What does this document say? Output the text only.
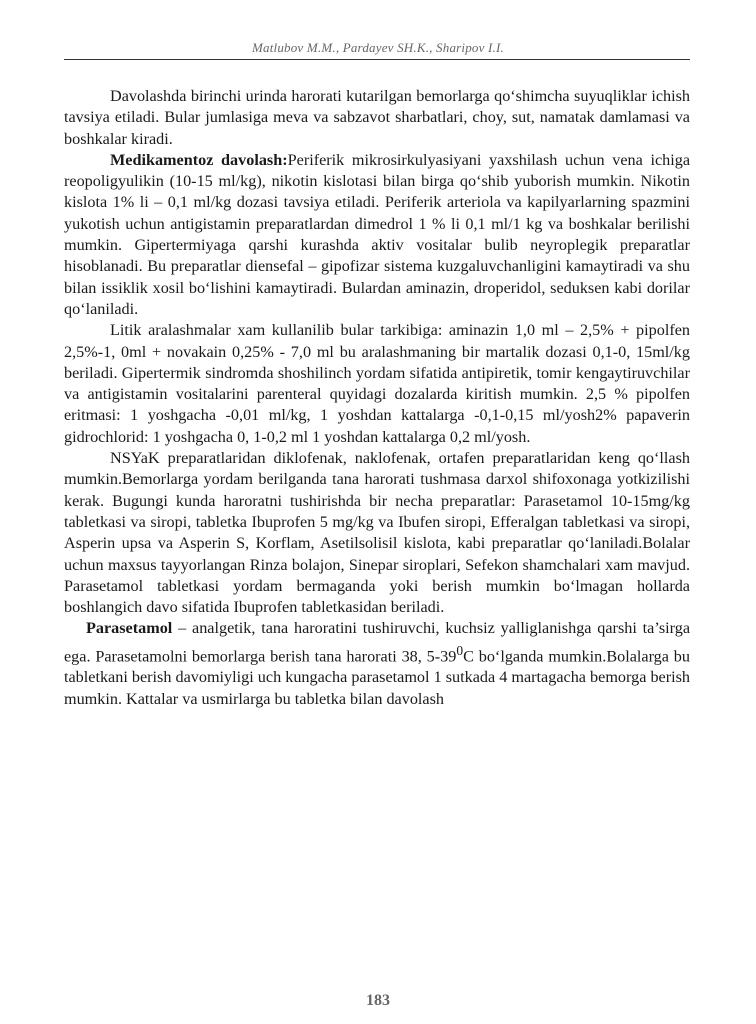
Matlubov M.M., Pardayev SH.K., Sharipov I.I.

Davolashda birinchi urinda harorati kutarilgan bemorlarga qo‘shimcha suyuqliklar ichish tavsiya etiladi. Bular jumlasiga meva va sabzavot sharbatlari, choy, sut, namatak damlamasi va boshkalar kiradi.

Medikamentoz davolash:Periferik mikrosirkulyasiyani yaxshilash uchun vena ichiga reopoligyulikin (10-15 ml/kg), nikotin kislotasi bilan birga qo‘shib yuborish mumkin. Nikotin kislota 1% li – 0,1 ml/kg dozasi tavsiya etiladi. Periferik arteriola va kapilyarlarning spazmini yukotish uchun antigistamin preparatlardan dimedrol 1 % li 0,1 ml/1 kg va boshkalar berilishi mumkin. Gipertermiyaga qarshi kurashda aktiv vositalar bulib neyroplegik preparatlar hisoblanadi. Bu preparatlar diensefal – gipofizar sistema kuzgaluvchanligini kamaytiradi va shu bilan issiklik xosil bo‘lishini kamaytiradi. Bulardan aminazin, droperidol, seduksen kabi dorilar qo‘laniladi.

Litik aralashmalar xam kullanilib bular tarkibiga: aminazin 1,0 ml – 2,5% + pipolfen 2,5%-1, 0ml + novakain 0,25% - 7,0 ml bu aralashmaning bir martalik dozasi 0,1-0, 15ml/kg beriladi. Gipertermik sindromda shoshilinch yordam sifatida antipiretik, tomir kengaytiruvchilar va antigistamin vositalarini parenteral quyidagi dozalarda kiritish mumkin. 2,5 % pipolfen eritmasi: 1 yoshgacha -0,01 ml/kg, 1 yoshdan kattalarga -0,1-0,15 ml/yosh2% papaverin gidrochlorid: 1 yoshgacha 0, 1-0,2 ml 1 yoshdan kattalarga 0,2 ml/yosh.

NSYaK preparatlaridan diklofenak, naklofenak, ortafen preparatlaridan keng qo‘llash mumkin.Bemorlarga yordam berilganda tana harorati tushmasa darxol shifoxonaga yotkizilishi kerak. Bugungi kunda haroratni tushirishda bir necha preparatlar: Parasetamol 10-15mg/kg tabletkasi va siropi, tabletka Ibuprofen 5 mg/kg va Ibufen siropi, Efferalgan tabletkasi va siropi, Asperin upsa va Asperin S, Korflam, Asetilsolisil kislota, kabi preparatlar qo‘laniladi.Bolalar uchun maxsus tayyorlangan Rinza bolajon, Sinepar siroplari, Sefekon shamchalari xam mavjud. Parasetamol tabletkasi yordam bermaganda yoki berish mumkin bo‘lmagan hollarda boshlangich davo sifatida Ibuprofen tabletkasidan beriladi.

Parasetamol – analgetik, tana haroratini tushiruvchi, kuchsiz yalliglanishga qarshi ta’sirga ega. Parasetamolni bemorlarga berish tana harorati 38, $5-39^0C$ bo‘lganda mumkin.Bolalarga bu tabletkani berish davomiyligi uch kungacha parasetamol 1 sutkada 4 martagacha bemorga berish mumkin. Kattalar va usmirlarga bu tabletka bilan davolash

183
